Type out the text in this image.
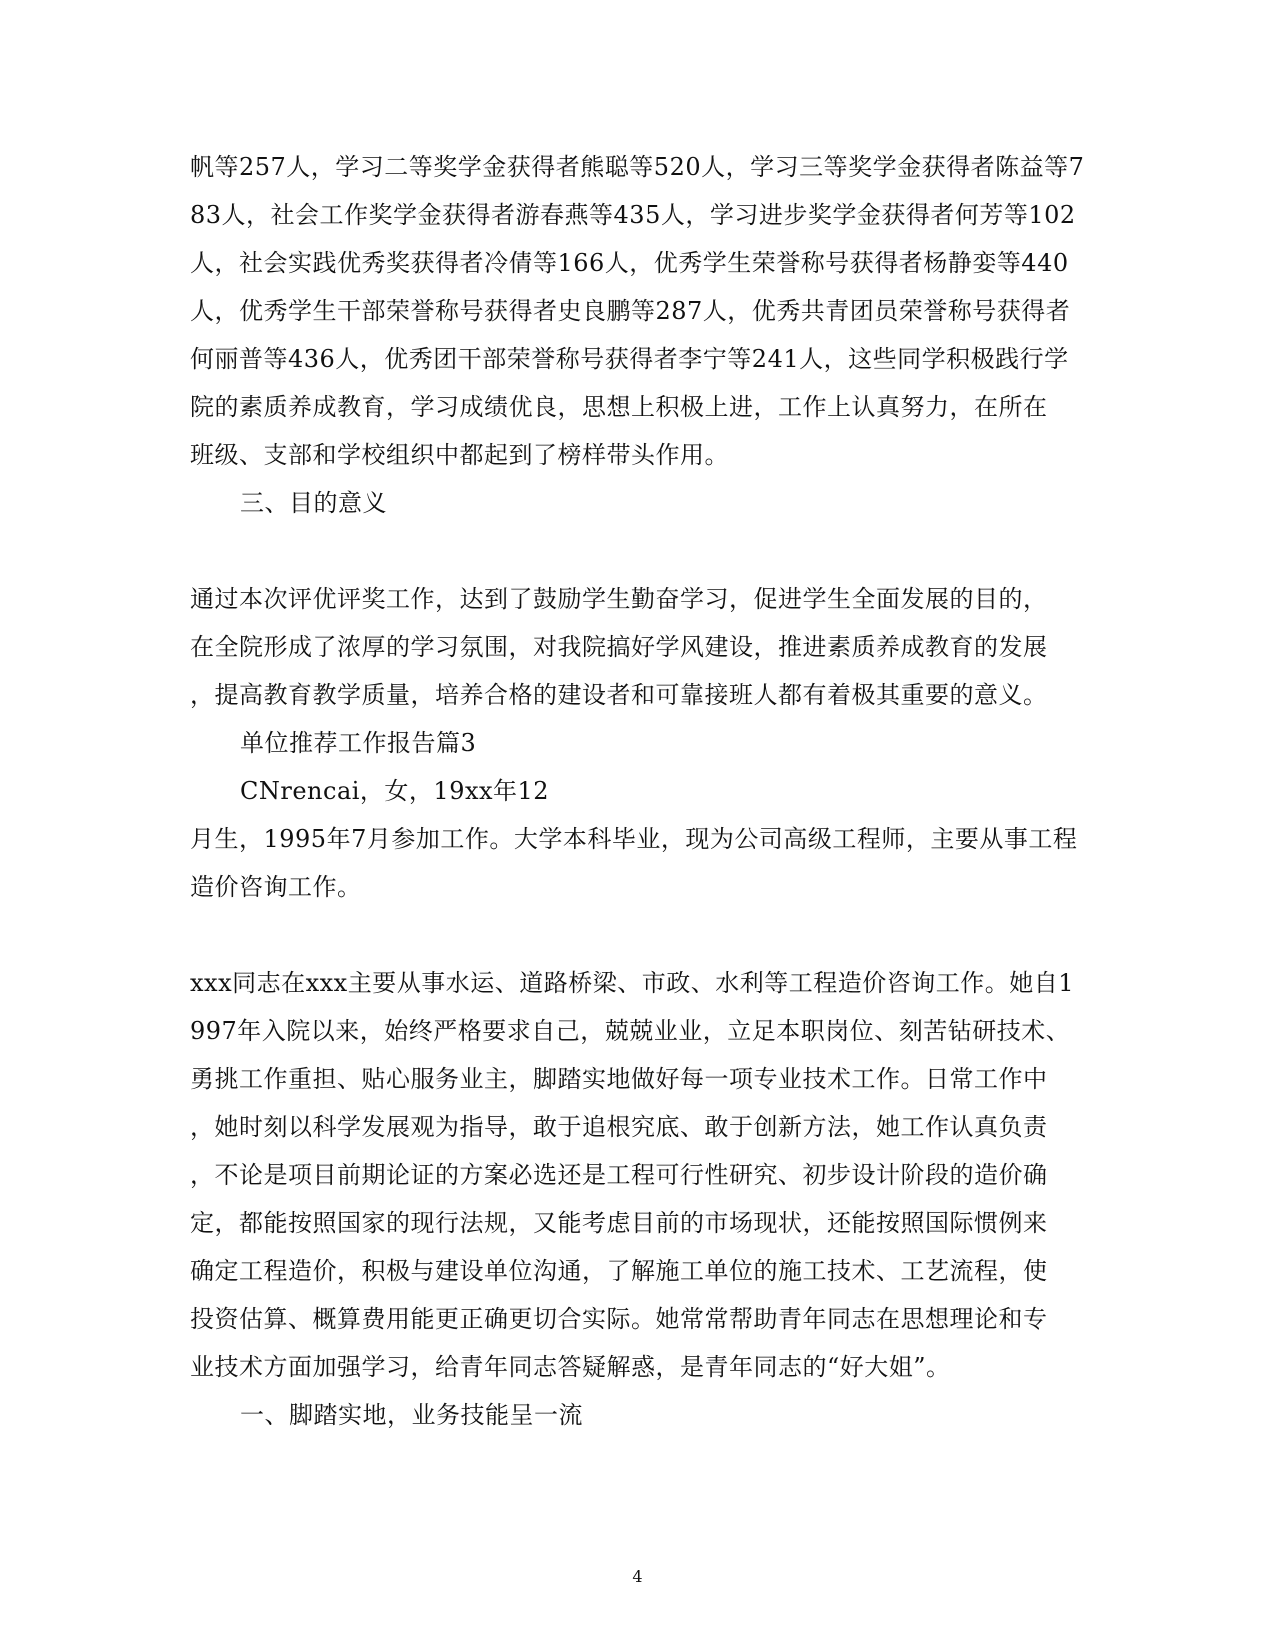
帆等257人，学习二等奖学金获得者熊聪等520人，学习三等奖学金获得者陈益等7
83人，社会工作奖学金获得者游春燕等435人，学习进步奖学金获得者何芳等102
人，社会实践优秀奖获得者冷倩等166人，优秀学生荣誉称号获得者杨静娈等440
人，优秀学生干部荣誉称号获得者史良鹏等287人，优秀共青团员荣誉称号获得者
何丽普等436人，优秀团干部荣誉称号获得者李宁等241人，这些同学积极践行学
院的素质养成教育，学习成绩优良，思想上积极上进，工作上认真努力，在所在
班级、支部和学校组织中都起到了榜样带头作用。
三、目的意义
通过本次评优评奖工作，达到了鼓励学生勤奋学习，促进学生全面发展的目的，
在全院形成了浓厚的学习氛围，对我院搞好学风建设，推进素质养成教育的发展
，提高教育教学质量，培养合格的建设者和可靠接班人都有着极其重要的意义。
单位推荐工作报告篇3
CNrencai，女，19xx年12
月生，1995年7月参加工作。大学本科毕业，现为公司高级工程师，主要从事工程
造价咨询工作。
xxx同志在xxx主要从事水运、道路桥梁、市政、水利等工程造价咨询工作。她自1
997年入院以来，始终严格要求自己，兢兢业业，立足本职岗位、刻苦钻研技术、
勇挑工作重担、贴心服务业主，脚踏实地做好每一项专业技术工作。日常工作中
，她时刻以科学发展观为指导，敢于追根究底、敢于创新方法，她工作认真负责
，不论是项目前期论证的方案必选还是工程可行性研究、初步设计阶段的造价确
定，都能按照国家的现行法规，又能考虑目前的市场现状，还能按照国际惯例来
确定工程造价，积极与建设单位沟通，了解施工单位的施工技术、工艺流程，使
投资估算、概算费用能更正确更切合实际。她常常帮助青年同志在思想理论和专
业技术方面加强学习，给青年同志答疑解惑，是青年同志的“好大姐”。
一、脚踏实地，业务技能呈一流
4
